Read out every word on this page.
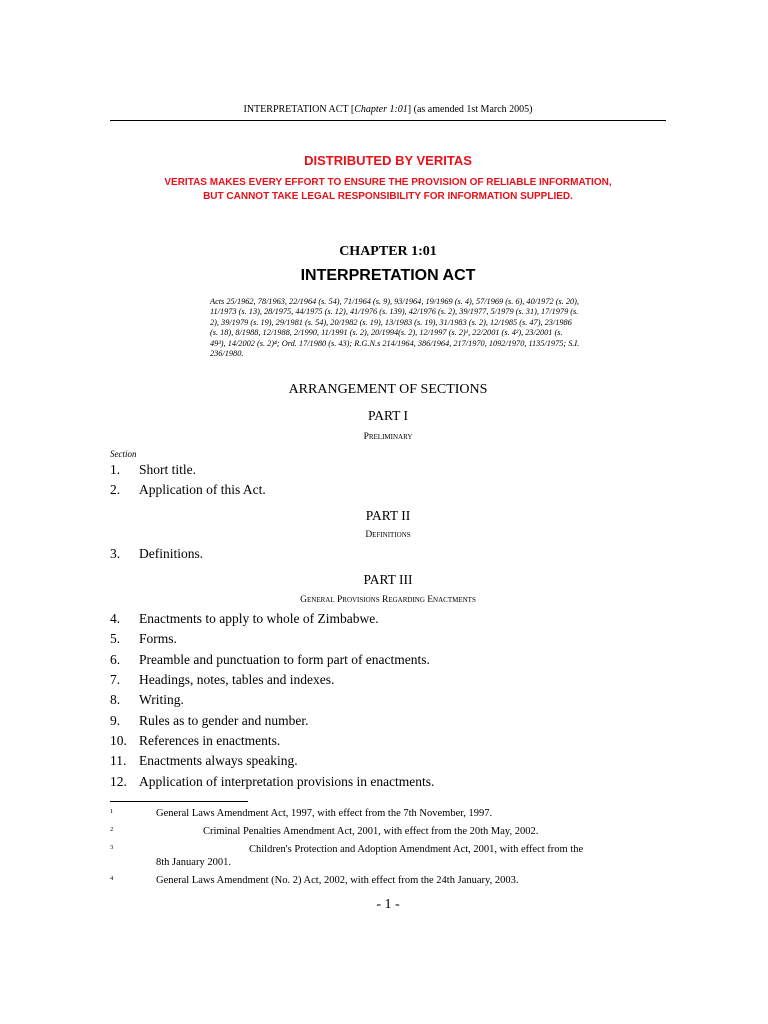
INTERPRETATION ACT [Chapter 1:01] (as amended 1st March 2005)
DISTRIBUTED BY VERITAS
VERITAS MAKES EVERY EFFORT TO ENSURE THE PROVISION OF RELIABLE INFORMATION,
BUT CANNOT TAKE LEGAL RESPONSIBILITY FOR INFORMATION SUPPLIED.
CHAPTER 1:01
INTERPRETATION ACT
Acts 25/1962, 78/1963, 22/1964 (s. 54), 71/1964 (s. 9), 93/1964, 19/1969 (s. 4), 57/1969 (s. 6), 40/1972 (s. 20), 11/1973 (s. 13), 28/1975, 44/1975 (s. 12), 41/1976 (s. 139), 42/1976 (s. 2), 39/1977, 5/1979 (s. 31), 17/1979 (s. 2), 39/1979 (s. 19), 29/1981 (s. 54), 20/1982 (s. 19), 13/1983 (s. 19), 31/1983 (s. 2), 12/1985 (s. 47), 23/1986 (s. 18), 8/1988, 12/1988, 2/1990, 11/1991 (s. 2), 20/1994(s. 2), 12/1997 (s. 2)¹, 22/2001 (s. 4²), 23/2001 (s. 49³), 14/2002 (s. 2)⁴; Ord. 17/1980 (s. 43); R.G.N.s 214/1964, 386/1964, 217/1970, 1092/1970, 1135/1975; S.I. 236/1980.
ARRANGEMENT OF SECTIONS
PART I
Preliminary
Section
1. Short title.
2. Application of this Act.
PART II
Definitions
3. Definitions.
PART III
General Provisions Regarding Enactments
4. Enactments to apply to whole of Zimbabwe.
5. Forms.
6. Preamble and punctuation to form part of enactments.
7. Headings, notes, tables and indexes.
8. Writing.
9. Rules as to gender and number.
10. References in enactments.
11. Enactments always speaking.
12. Application of interpretation provisions in enactments.
1	General Laws Amendment Act, 1997, with effect from the 7th November, 1997.
2	Criminal Penalties Amendment Act, 2001, with effect from the 20th May, 2002.
3	Children's Protection and Adoption Amendment Act, 2001, with effect from the 8th January 2001.
4	General Laws Amendment (No. 2) Act, 2002, with effect from the 24th January, 2003.
- 1 -
